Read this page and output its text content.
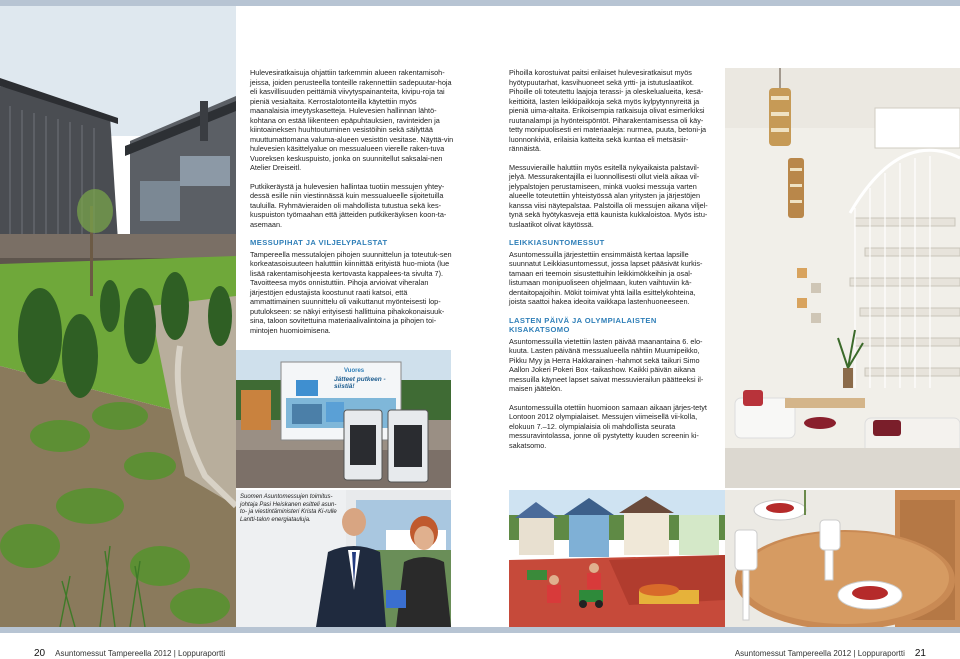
Hulevesiratkaisuja ohjattiin tarkemmin alueen rakentamisoh-jeissa, joiden perusteella tonteille rakennettiin sadepuutar-hoja eli kasvillisuuden peittämiä viivytyspainanteita, kivipu-roja tai pieniä vesialtaita. Kerrostalotonteilla käytettiin myös maanalaisia imeytyskasetteja. Hulevesien hallinnan lähtö-kohtana on estää liikenteen epäpuhtauksien, ravinteiden ja kiintoaineksen huuhtoutuminen vesistöihin sekä säilyttää muuttumattomana valuma-alueen vesistön vesitase. Näyttä-vin hulevesien käsittelyalue on messualueen vierelle raken-tuva Vuoreksen keskuspuisto, jonka on suunnitellut saksalai-nen Atelier Dreiseitl.

Putkikeräystä ja hulevesien hallintaa tuotiin messujen yhtey-dessä esille niin viestinnässä kuin messualueelle sijoitetuilla tauluilla. Ryhmävieraiden oli mahdollista tutustua sekä kes-kuspuiston työmaahan että jätteiden putkikeräyksen koon-ta-asemaan.

MESSUPIHAT JA VILJELYPALSTAT

Tampereella messutalojen pihojen suunnittelun ja toteutuk-sen korkeatasoisuuteen halutttiin kiinnittää erityistä huo-miota (lue lisää rakentamisohjeesta kertovasta kappalees-ta sivulta 7). Tavoitteesa myös onnistuttiin. Pihoja arvioivat viheralan järjestöjen edustajista koostunut raati katsoi, että ammattimainen suunnittelu oli vaikuttanut myönteisesti lop-putulokseen: se näkyi erityisesti hallittuina pihakokonaisuuk-sina, taloon sovitettuina materiaalivalintoina ja pihojen toi-mintojen huomioimisena.

Vuores
Jätteet putkeen - siistiä!
Suomen Asuntomessujen toimitus-johtaja Pasi Heiskanen esitteli asun-to- ja viestintäministeri Krista Ki-rulle Lantti-talon energiatauluja.

Pihoilla korostuivat paitsi erilaiset hulevesiratkaisut myös hyötypuutarhat, kasvihuoneet sekä yrtti- ja istutuslaatikot. Pihoille oli toteutettu laajoja terassi- ja oleskelualueita, kesä-keittiöitä, lasten leikkipaikkoja sekä myös kylpytynnyreitä ja pieniä uima-altaita. Erikoisempia ratkaisuja olivat esimerkiksi ruutanalampi ja hyönteispöntöt. Piharakentamisessa oli käy-tetty monipuolisesti eri materiaaleja: nurmea, puuta, betoni-ja luonnonkiviä, erilaisia katteita sekä kuntaa eli metsäsiir-rännäistä.

Messuvieraille haluttiin myös esitellä nykyaikaista palstavil-jelyä. Messurakentajilla ei luonnollisesti ollut vielä aikaa vil-jelypalstojen perustamiseen, minkä vuoksi messuja varten alueelle toteutettiin yhteistyössä alan yritysten ja järjestöjen kanssa viisi näytepalstaa. Palstoilla oli messujen aikana viljel-tynä sekä hyötykasveja että kaunista kukkaloistoa. Myös istu-tuslaatikot olivat käytössä.

LEIKKIASUNTOMESSUT

Asuntomessuilla järjestettiin ensimmäistä kertaa lapsille suunnatut Leikkiasuntomessut, jossa lapset pääsivät kurkis-tamaan eri teemoin sisustettuihin leikkimökkeihin ja osal-listumaan monipuoliseen ohjelmaan, kuten vaihtuviin kä-dentaitopajoihin. Mökit toimivat yhtä lailla esittelykohteina, joista saattoi hakea ideoita vaikkapa lastenhuoneeseen.

LASTEN PÄIVÄ JA OLYMPIALAISTEN KISAKATSOMO

Asuntomessuilla vietettiin lasten päivää maanantaina 6. elo-kuuta. Lasten päivänä messualueella nähtiin Muumipeikko, Pikku Myy ja Herra Hakkarainen -hahmot sekä taikuri Simo Aallon Jokeri Pokeri Box -taikashow. Kaikki päivän aikana messuilla käyneet lapset saivat messuvierailun päätteeksi il-maisen jäätelön.

Asuntomessuilla otettiin huomioon samaan aikaan järjes-tetyt Lontoon 2012 olympialaiset. Messujen viimeisellä vii-kolla, elokuun 7.–12. olympialaisia oli mahdollista seurata messuravintolassa, jonne oli pystytetty kuuden screenin ki-sakatsomo.

20 Asuntomessut Tampereella 2012 | Loppuraportti	Asuntomessut Tampereella 2012 | Loppuraportti 21
